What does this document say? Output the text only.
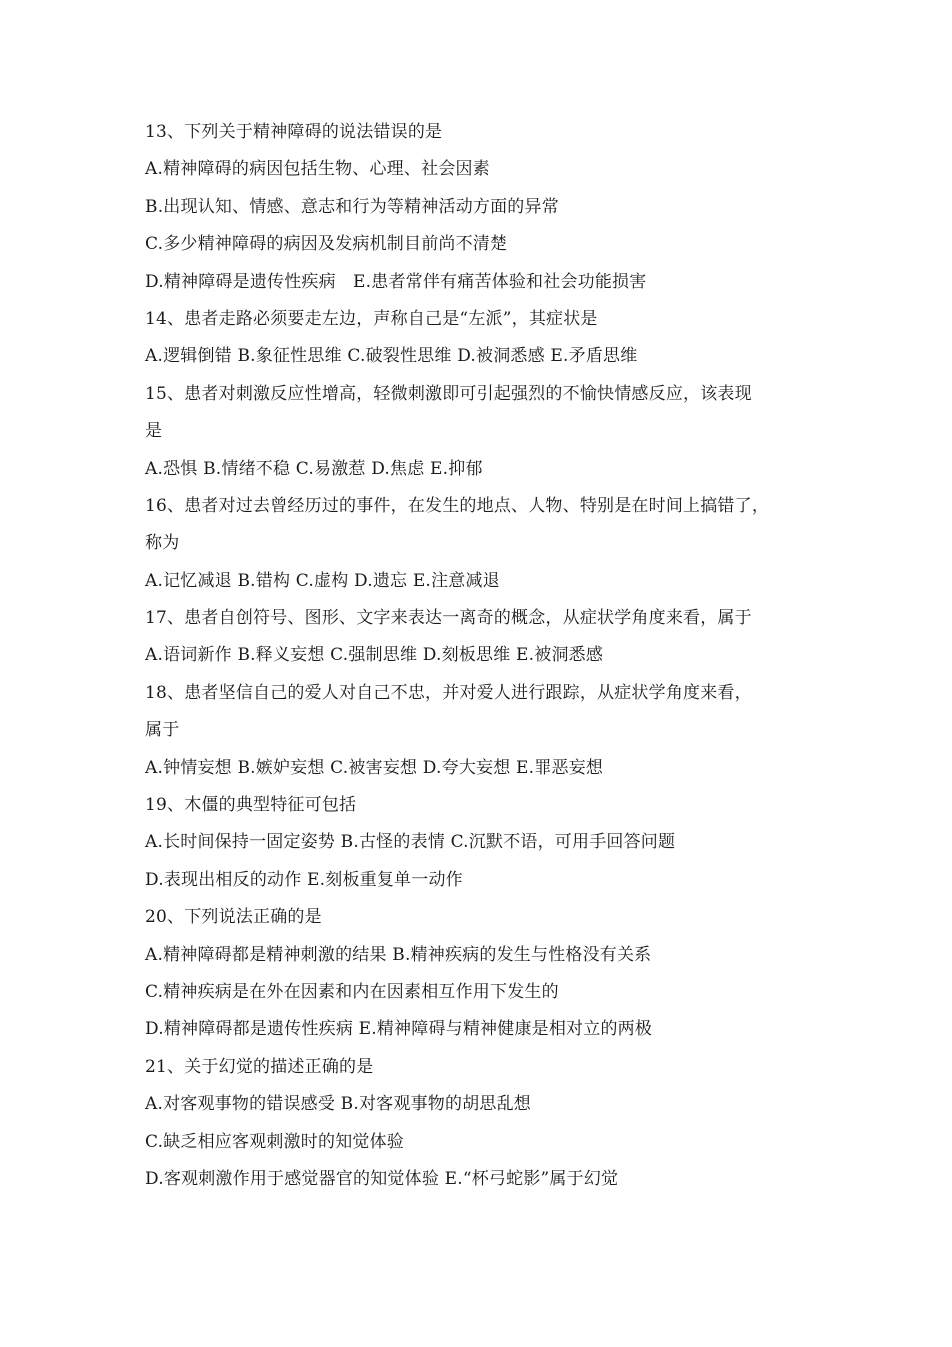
13、下列关于精神障碍的说法错误的是
A.精神障碍的病因包括生物、心理、社会因素
B.出现认知、情感、意志和行为等精神活动方面的异常
C.多少精神障碍的病因及发病机制目前尚不清楚
D.精神障碍是遗传性疾病　E.患者常伴有痛苦体验和社会功能损害
14、患者走路必须要走左边，声称自己是“左派”，其症状是
A.逻辑倒错 B.象征性思维 C.破裂性思维 D.被洞悉感 E.矛盾思维
15、患者对刺激反应性增高，轻微刺激即可引起强烈的不愉快情感反应，该表现
是
A.恐惧 B.情绪不稳 C.易激惹 D.焦虑 E.抑郁
16、患者对过去曾经历过的事件，在发生的地点、人物、特别是在时间上搞错了，
称为
A.记忆减退 B.错构 C.虚构 D.遗忘 E.注意减退
17、患者自创符号、图形、文字来表达一离奇的概念，从症状学角度来看，属于
A.语词新作 B.释义妄想 C.强制思维 D.刻板思维 E.被洞悉感
18、患者坚信自己的爱人对自己不忠，并对爱人进行跟踪，从症状学角度来看，
属于
A.钟情妄想 B.嫉妒妄想 C.被害妄想 D.夸大妄想 E.罪恶妄想
19、木僵的典型特征可包括
A.长时间保持一固定姿势 B.古怪的表情 C.沉默不语，可用手回答问题
D.表现出相反的动作 E.刻板重复单一动作
20、下列说法正确的是
A.精神障碍都是精神刺激的结果 B.精神疾病的发生与性格没有关系
C.精神疾病是在外在因素和内在因素相互作用下发生的
D.精神障碍都是遗传性疾病 E.精神障碍与精神健康是相对立的两极
21、关于幻觉的描述正确的是
A.对客观事物的错误感受 B.对客观事物的胡思乱想
C.缺乏相应客观刺激时的知觉体验
D.客观刺激作用于感觉器官的知觉体验 E.“杯弓蛇影”属于幻觉
